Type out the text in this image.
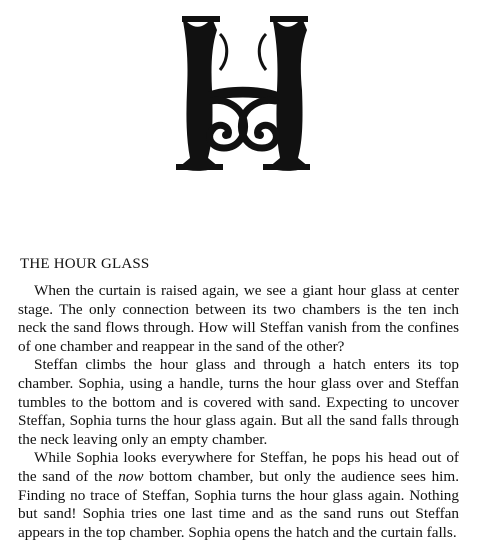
THE HOUR GLASS

When the curtain is raised again, we see a giant hour glass at center stage. The only connection between its two chambers is the ten inch neck the sand flows through. How will Steffan vanish from the confines of one chamber and reappear in the sand of the other?

Steffan climbs the hour glass and through a hatch enters its top chamber. Sophia, using a handle, turns the hour glass over and Steffan tumbles to the bottom and is covered with sand. Expecting to uncover Steffan, Sophia turns the hour glass again. But all the sand falls through the neck leaving only an empty chamber.

While Sophia looks everywhere for Steffan, he pops his head out of the sand of the now bottom chamber, but only the audience sees him. Finding no trace of Steffan, Sophia turns the hour glass again. Nothing but sand! Sophia tries one last time and as the sand runs out Steffan appears in the top chamber. Sophia opens the hatch and the curtain falls.
